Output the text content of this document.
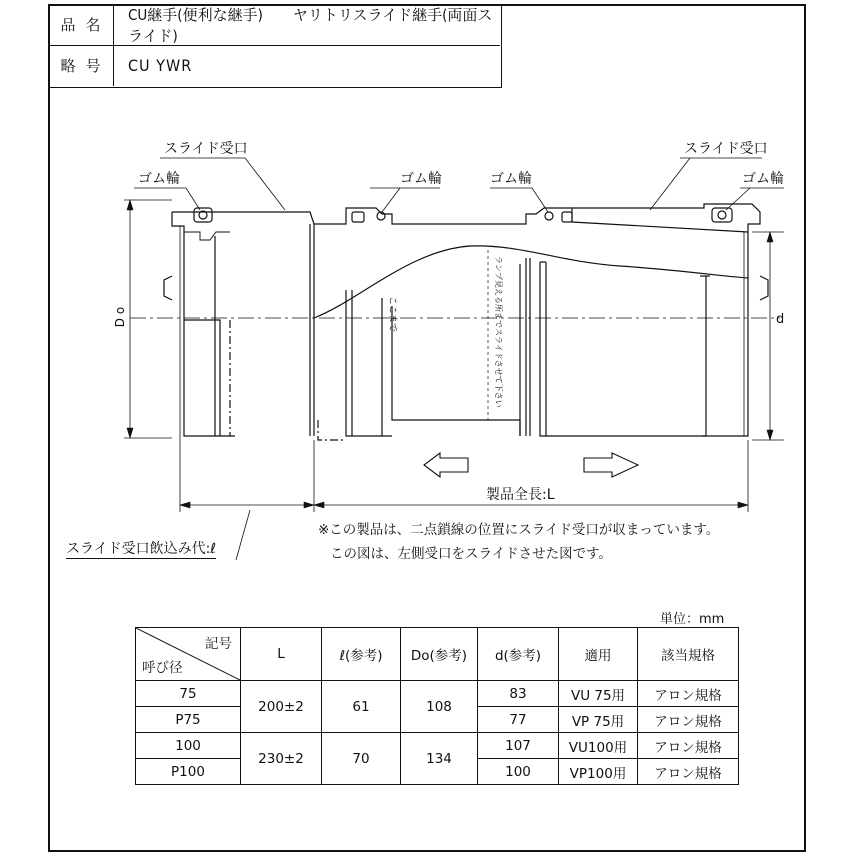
品名
CU継手(便利な継手)　　ヤリトリスライド継手(両面スライド)
略号 CU YWR
スライド受口
ゴム輪	ゴム輪	ゴム輪
スライド受口
ゴム輪
D o	d
ここまで	ランプ見える所までスライドさせて下さい
製品全長:L
スライド受口飲込み代:ℓ
※この製品は、二点鎖線の位置にスライド受口が収まっています。
この図は、左側受口をスライドさせた図です。
単位：mm
記号
呼び径	L	ℓ(参考)	Do(参考)	d(参考)	適用	該当規格
75	200±2	61	108	83	VU 75用	アロン規格
P75				77	VP 75用	アロン規格
100	230±2	70	134	107	VU100用	アロン規格
P100				100	VP100用	アロン規格
